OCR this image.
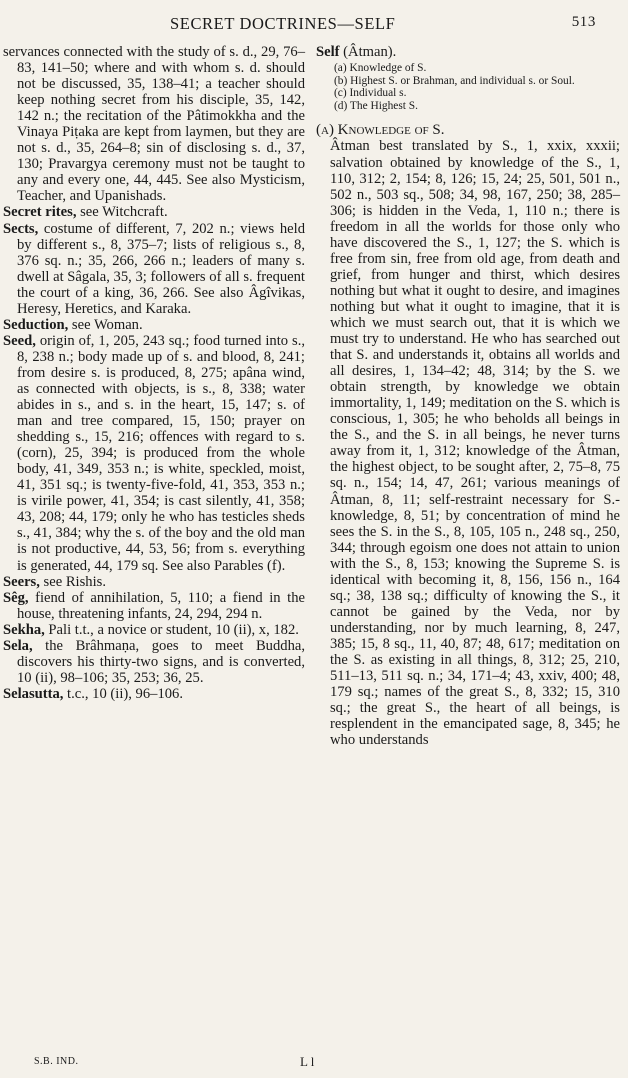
SECRET DOCTRINES—SELF	513

servances connected with the study of s. d., 29, 76–83, 141–50; where and with whom s. d. should not be discussed, 35, 138–41; a teacher should keep nothing secret from his disciple, 35, 142, 142 n.; the recitation of the Pâtimokkha and the Vinaya Piṭaka are kept from laymen, but they are not s. d., 35, 264–8; sin of disclosing s. d., 37, 130; Pravargya ceremony must not be taught to any and every one, 44, 445. See also Mysticism, Teacher, and Upanishads.

Secret rites, see Witchcraft.

Sects, costume of different, 7, 202 n.; views held by different s., 8, 375–7; lists of religious s., 8, 376 sq. n.; 35, 266, 266 n.; leaders of many s. dwell at Sâgala, 35, 3; followers of all s. frequent the court of a king, 36, 266. See also Âgîvikas, Heresy, Heretics, and Karaka.

Seduction, see Woman.

Seed, origin of, 1, 205, 243 sq.; food turned into s., 8, 238 n.; body made up of s. and blood, 8, 241; from desire s. is produced, 8, 275; apâna wind, as connected with objects, is s., 8, 338; water abides in s., and s. in the heart, 15, 147; s. of man and tree compared, 15, 150; prayer on shedding s., 15, 216; offences with regard to s. (corn), 25, 394; is produced from the whole body, 41, 349, 353 n.; is white, speckled, moist, 41, 351 sq.; is twenty-five-fold, 41, 353, 353 n.; is virile power, 41, 354; is cast silently, 41, 358; 43, 208; 44, 179; only he who has testicles sheds s., 41, 384; why the s. of the boy and the old man is not productive, 44, 53, 56; from s. everything is generated, 44, 179 sq. See also Parables (f).

Seers, see Rishis.

Sêg, fiend of annihilation, 5, 110; a fiend in the house, threatening infants, 24, 294, 294 n.

Sekha, Pali t.t., a novice or student, 10 (ii), x, 182.

Sela, the Brâhmaṇa, goes to meet Buddha, discovers his thirty-two signs, and is converted, 10 (ii), 98–106; 35, 253; 36, 25.

Selasutta, t.c., 10 (ii), 96–106.

Self (Âtman).

(a) Knowledge of S.
(b) Highest S. or Brahman, and individual s. or Soul.
(c) Individual s.
(d) The Highest S.

(a) Knowledge of S.

Âtman best translated by S., 1, xxix, xxxii; salvation obtained by knowledge of the S., 1, 110, 312; 2, 154; 8, 126; 15, 24; 25, 501, 501 n., 502 n., 503 sq., 508; 34, 98, 167, 250; 38, 285–306; is hidden in the Veda, 1, 110 n.; there is freedom in all the worlds for those only who have discovered the S., 1, 127; the S. which is free from sin, free from old age, from death and grief, from hunger and thirst, which desires nothing but what it ought to desire, and imagines nothing but what it ought to imagine, that it is which we must search out, that it is which we must try to understand. He who has searched out that S. and understands it, obtains all worlds and all desires, 1, 134–42; 48, 314; by the S. we obtain strength, by knowledge we obtain immortality, 1, 149; meditation on the S. which is conscious, 1, 305; he who beholds all beings in the S., and the S. in all beings, he never turns away from it, 1, 312; knowledge of the Âtman, the highest object, to be sought after, 2, 75–8, 75 sq. n., 154; 14, 47, 261; various meanings of Âtman, 8, 11; self-restraint necessary for S.-knowledge, 8, 51; by concentration of mind he sees the S. in the S., 8, 105, 105 n., 248 sq., 250, 344; through egoism one does not attain to union with the S., 8, 153; knowing the Supreme S. is identical with becoming it, 8, 156, 156 n., 164 sq.; 38, 138 sq.; difficulty of knowing the S., it cannot be gained by the Veda, nor by understanding, nor by much learning, 8, 247, 385; 15, 8 sq., 11, 40, 87; 48, 617; meditation on the S. as existing in all things, 8, 312; 25, 210, 511–13, 511 sq. n.; 34, 171–4; 43, xxiv, 400; 48, 179 sq.; names of the great S., 8, 332; 15, 310 sq.; the great S., the heart of all beings, is resplendent in the emancipated sage, 8, 345; he who understands

S.B. IND.	L l
